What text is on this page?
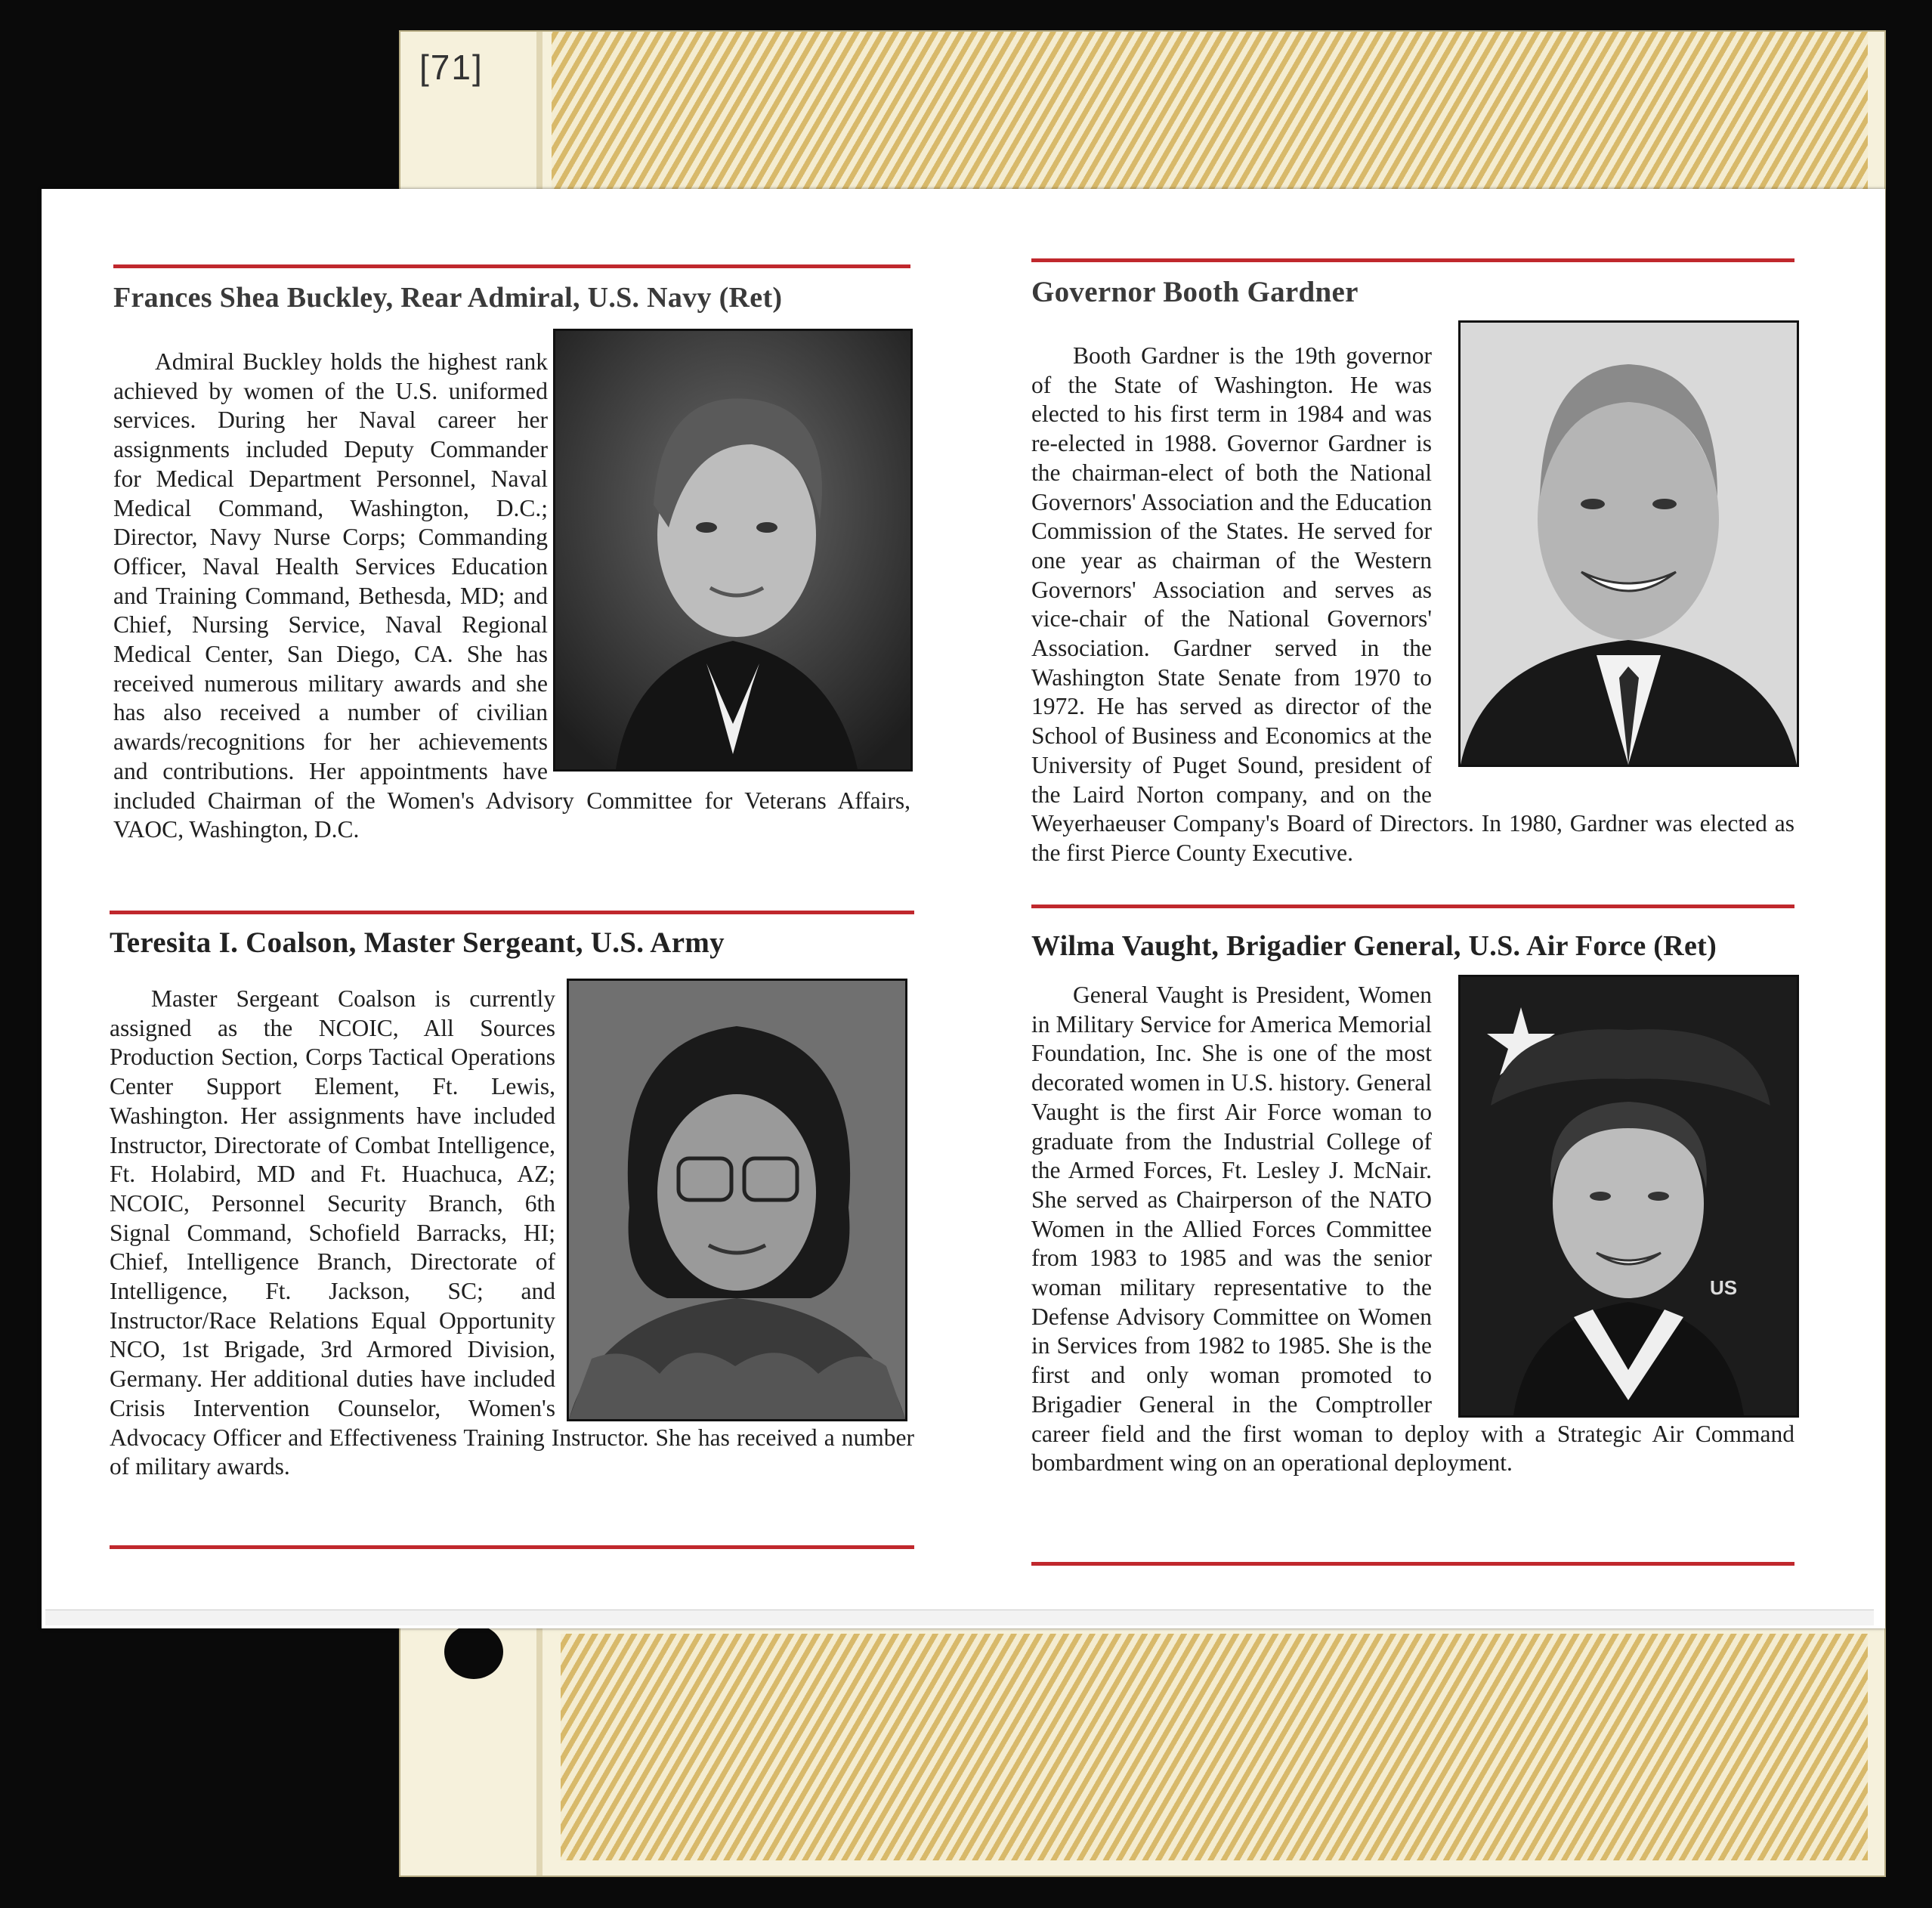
[71]
Frances Shea Buckley, Rear Admiral, U.S. Navy (Ret)

Admiral Buckley holds the highest rank achieved by women of the U.S. uniformed services. During her Naval career her assignments included Deputy Commander for Medical Department Personnel, Naval Medical Command, Washington, D.C.; Director, Navy Nurse Corps; Commanding Officer, Naval Health Services Education and Training Command, Bethesda, MD; and Chief, Nursing Service, Naval Regional Medical Center, San Diego, CA. She has received numerous military awards and she has also received a number of civilian awards/recognitions for her achievements and contributions. Her appointments have included Chairman of the Women's Advisory Committee for Veterans Affairs, VAOC, Washington, D.C.

Governor Booth Gardner

Booth Gardner is the 19th governor of the State of Washington. He was elected to his first term in 1984 and was re-elected in 1988. Governor Gardner is the chairman-elect of both the National Governors' Association and the Education Commission of the States. He served for one year as chairman of the Western Governors' Association and serves as vice-chair of the National Governors' Association. Gardner served in the Washington State Senate from 1970 to 1972. He has served as director of the School of Business and Economics at the University of Puget Sound, president of the Laird Norton company, and on the Weyerhaeuser Company's Board of Directors. In 1980, Gardner was elected as the first Pierce County Executive.

Teresita I. Coalson, Master Sergeant, U.S. Army

Master Sergeant Coalson is currently assigned as the NCOIC, All Sources Production Section, Corps Tactical Operations Center Support Element, Ft. Lewis, Washington. Her assignments have included Instructor, Directorate of Combat Intelligence, Ft. Holabird, MD and Ft. Huachuca, AZ; NCOIC, Personnel Security Branch, 6th Signal Command, Schofield Barracks, HI; Chief, Intelligence Branch, Directorate of Intelligence, Ft. Jackson, SC; and Instructor/Race Relations Equal Opportunity NCO, 1st Brigade, 3rd Armored Division, Germany. Her additional duties have included Crisis Intervention Counselor, Women's Advocacy Officer and Effectiveness Training Instructor. She has received a number of military awards.

Wilma Vaught, Brigadier General, U.S. Air Force (Ret)
US

General Vaught is President, Women in Military Service for America Memorial Foundation, Inc. She is one of the most decorated women in U.S. history. General Vaught is the first Air Force woman to graduate from the Industrial College of the Armed Forces, Ft. Lesley J. McNair. She served as Chairperson of the NATO Women in the Allied Forces Committee from 1983 to 1985 and was the senior woman military representative to the Defense Advisory Committee on Women in Services from 1982 to 1985. She is the first and only woman promoted to Brigadier General in the Comptroller career field and the first woman to deploy with a Strategic Air Command bombardment wing on an operational deployment.
